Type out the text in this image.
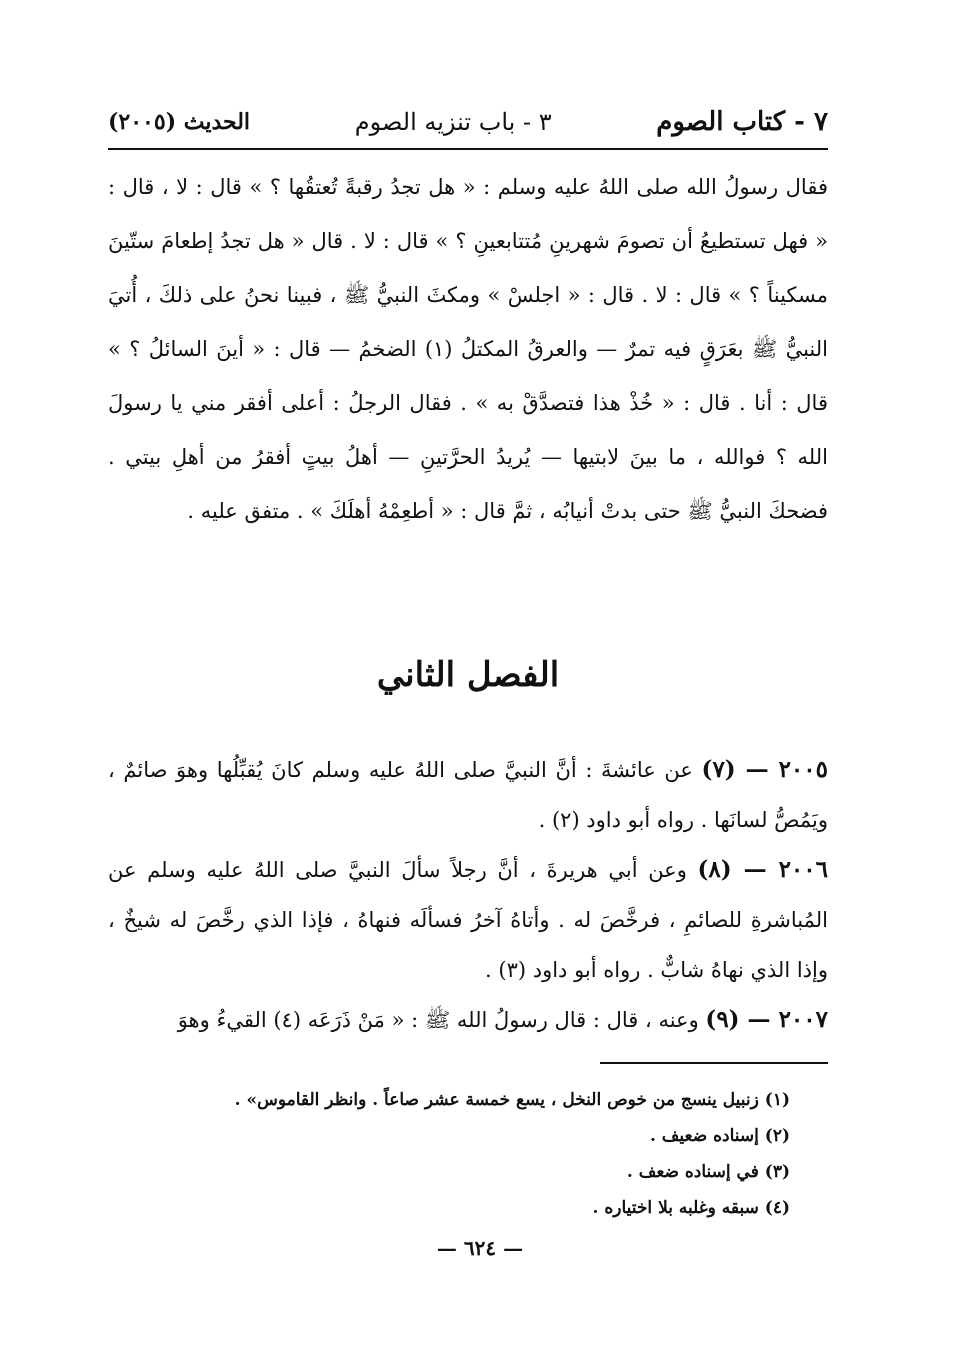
٧ - كتاب الصوم
٣ - باب تنزيه الصوم
الحديث (٢٠٠٥)
فقال رسولُ الله صلى اللهُ عليه وسلم : « هل تجدُ رقبةً تُعتقُها ؟ » قال : لا ، قال : « فهل تستطيعُ أن تصومَ شهرينِ مُتتابعينِ ؟ » قال : لا . قال « هل تجدُ إطعامَ ستّينَ مسكيناً ؟ » قال : لا . قال : « اجلسْ » ومكثَ النبيُّ ﷺ ، فبينا نحنُ على ذلكَ ، أُتيَ النبيُّ ﷺ بعَرَقٍ فيه تمرٌ — والعرقُ المكتلُ (١) الضخمُ — قال : « أينَ السائلُ ؟ » قال : أنا . قال : « خُذْ هذا فتصدَّقْ به » . فقال الرجلُ : أعلى أفقر مني يا رسولَ الله ؟ فوالله ، ما بينَ لابتيها — يُريدُ الحرَّتينِ — أهلُ بيتٍ أفقرُ من أهلِ بيتي . فضحكَ النبيُّ ﷺ حتى بدتْ أنيابُه ، ثمَّ قال : « أطعِمْهُ أهلَكَ » . متفق عليه .
الفصل الثاني
٢٠٠٥ — (٧) عن عائشةَ : أنَّ النبيَّ صلى اللهُ عليه وسلم كانَ يُقبِّلُها وهوَ صائمٌ ، ويَمُصُّ لسانَها . رواه أبو داود (٢) .
٢٠٠٦ — (٨) وعن أبي هريرةَ ، أنَّ رجلاً سألَ النبيَّ صلى اللهُ عليه وسلم عن المُباشرةِ للصائمِ ، فرخَّصَ له . وأتاهُ آخرُ فسألَه فنهاهُ ، فإذا الذي رخَّصَ له شيخٌ ، وإذا الذي نهاهُ شابٌّ . رواه أبو داود (٣) .
٢٠٠٧ — (٩) وعنه ، قال : قال رسولُ الله ﷺ : « مَنْ ذَرَعَه (٤) القيءُ وهوَ
(١) زنبيل ينسج من خوص النخل ، يسع خمسة عشر صاعاً . وانظر القاموس» .
(٢) إسناده ضعيف .
(٣) في إسناده ضعف .
(٤) سبقه وغلبه بلا اختياره .
— ٦٢٤ —
